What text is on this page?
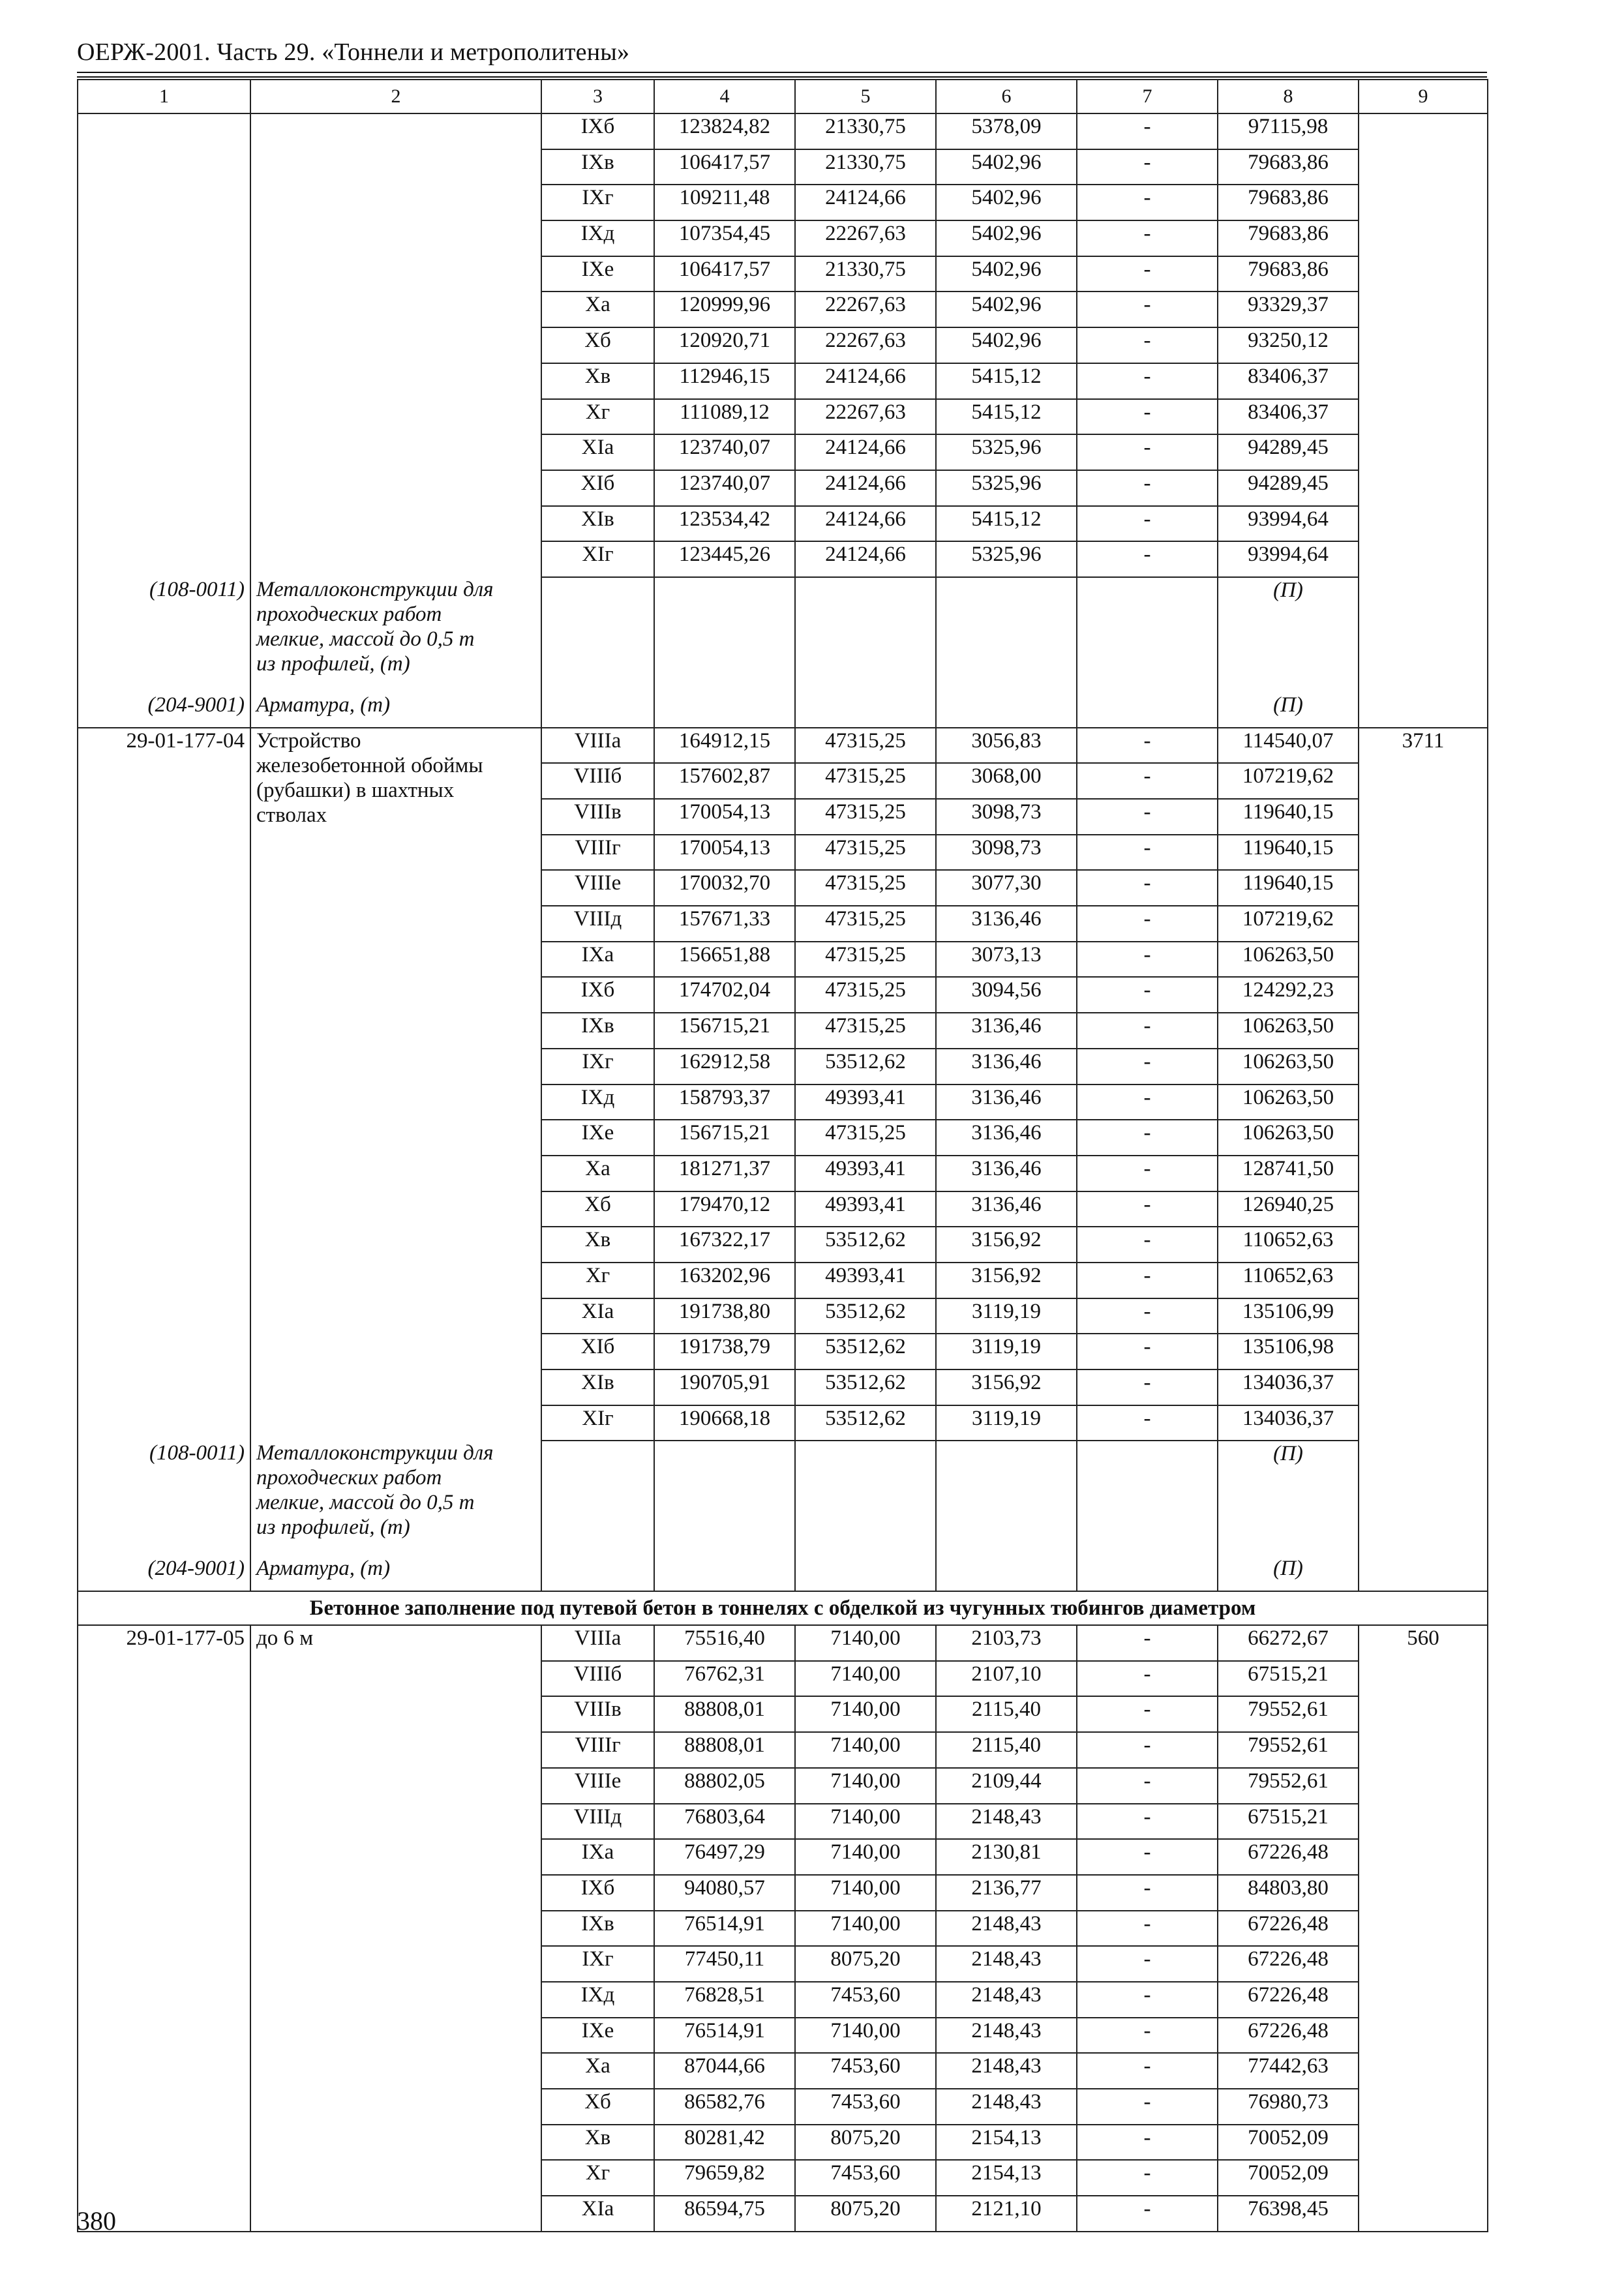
ОЕРЖ-2001. Часть 29. «Тоннели и метрополитены»
1	2	3	4	5	6	7	8	9
		IXб	123824,82	21330,75	5378,09	-	97115,98	
		IXв	106417,57	21330,75	5402,96	-	79683,86	
		IXг	109211,48	24124,66	5402,96	-	79683,86	
		IXд	107354,45	22267,63	5402,96	-	79683,86	
		IXе	106417,57	21330,75	5402,96	-	79683,86	
		Xа	120999,96	22267,63	5402,96	-	93329,37	
		Xб	120920,71	22267,63	5402,96	-	93250,12	
		Xв	112946,15	24124,66	5415,12	-	83406,37	
		Xг	111089,12	22267,63	5415,12	-	83406,37	
		XIа	123740,07	24124,66	5325,96	-	94289,45	
		XIб	123740,07	24124,66	5325,96	-	94289,45	
		XIв	123534,42	24124,66	5415,12	-	93994,64	
		XIг	123445,26	24124,66	5325,96	-	93994,64	
(108-0011)	Металлоконструкции для
проходческих работ
мелкие, массой до 0,5 т
из профилей, (т)						(П)	
(204-9001)	Арматура, (т)						(П)	
29-01-177-04	Устройство
железобетонной обоймы
(рубашки) в шахтных
стволах	VIIIа	164912,15	47315,25	3056,83	-	114540,07	3711
		VIIIб	157602,87	47315,25	3068,00	-	107219,62	
		VIIIв	170054,13	47315,25	3098,73	-	119640,15	
		VIIIг	170054,13	47315,25	3098,73	-	119640,15	
		VIIIе	170032,70	47315,25	3077,30	-	119640,15	
		VIIIд	157671,33	47315,25	3136,46	-	107219,62	
		IXа	156651,88	47315,25	3073,13	-	106263,50	
		IXб	174702,04	47315,25	3094,56	-	124292,23	
		IXв	156715,21	47315,25	3136,46	-	106263,50	
		IXг	162912,58	53512,62	3136,46	-	106263,50	
		IXд	158793,37	49393,41	3136,46	-	106263,50	
		IXе	156715,21	47315,25	3136,46	-	106263,50	
		Xа	181271,37	49393,41	3136,46	-	128741,50	
		Xб	179470,12	49393,41	3136,46	-	126940,25	
		Xв	167322,17	53512,62	3156,92	-	110652,63	
		Xг	163202,96	49393,41	3156,92	-	110652,63	
		XIа	191738,80	53512,62	3119,19	-	135106,99	
		XIб	191738,79	53512,62	3119,19	-	135106,98	
		XIв	190705,91	53512,62	3156,92	-	134036,37	
		XIг	190668,18	53512,62	3119,19	-	134036,37	
(108-0011)	Металлоконструкции для
проходческих работ
мелкие, массой до 0,5 т
из профилей, (т)						(П)	
(204-9001)	Арматура, (т)						(П)	
Бетонное заполнение под путевой бетон в тоннелях с обделкой из чугунных тюбингов диаметром								
29-01-177-05	до 6 м	VIIIа	75516,40	7140,00	2103,73	-	66272,67	560
		VIIIб	76762,31	7140,00	2107,10	-	67515,21	
		VIIIв	88808,01	7140,00	2115,40	-	79552,61	
		VIIIг	88808,01	7140,00	2115,40	-	79552,61	
		VIIIе	88802,05	7140,00	2109,44	-	79552,61	
		VIIIд	76803,64	7140,00	2148,43	-	67515,21	
		IXа	76497,29	7140,00	2130,81	-	67226,48	
		IXб	94080,57	7140,00	2136,77	-	84803,80	
		IXв	76514,91	7140,00	2148,43	-	67226,48	
		IXг	77450,11	8075,20	2148,43	-	67226,48	
		IXд	76828,51	7453,60	2148,43	-	67226,48	
		IXе	76514,91	7140,00	2148,43	-	67226,48	
		Xа	87044,66	7453,60	2148,43	-	77442,63	
		Xб	86582,76	7453,60	2148,43	-	76980,73	
		Xв	80281,42	8075,20	2154,13	-	70052,09	
		Xг	79659,82	7453,60	2154,13	-	70052,09	
		XIа	86594,75	8075,20	2121,10	-	76398,45	
380
